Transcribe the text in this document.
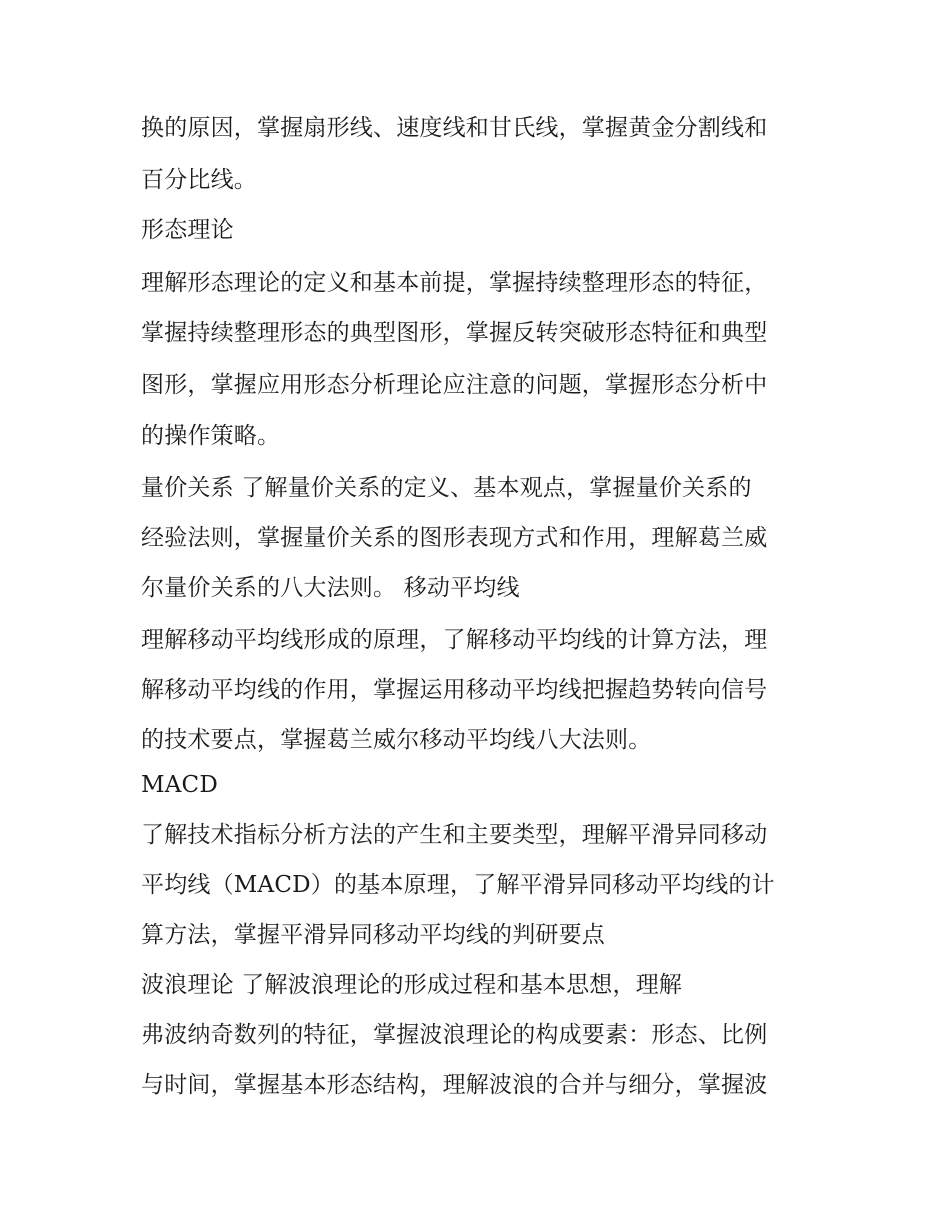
换的原因，掌握扇形线、速度线和甘氏线，掌握黄金分割线和
百分比线。
形态理论
理解形态理论的定义和基本前提，掌握持续整理形态的特征，
掌握持续整理形态的典型图形，掌握反转突破形态特征和典型
图形，掌握应用形态分析理论应注意的问题，掌握形态分析中
的操作策略。
量价关系 了解量价关系的定义、基本观点，掌握量价关系的
经验法则，掌握量价关系的图形表现方式和作用，理解葛兰威
尔量价关系的八大法则。 移动平均线
理解移动平均线形成的原理，了解移动平均线的计算方法，理
解移动平均线的作用，掌握运用移动平均线把握趋势转向信号
的技术要点，掌握葛兰威尔移动平均线八大法则。
MACD
了解技术指标分析方法的产生和主要类型，理解平滑异同移动
平均线（MACD）的基本原理，了解平滑异同移动平均线的计
算方法，掌握平滑异同移动平均线的判研要点
波浪理论 了解波浪理论的形成过程和基本思想，理解
弗波纳奇数列的特征，掌握波浪理论的构成要素：形态、比例
与时间，掌握基本形态结构，理解波浪的合并与细分，掌握波
